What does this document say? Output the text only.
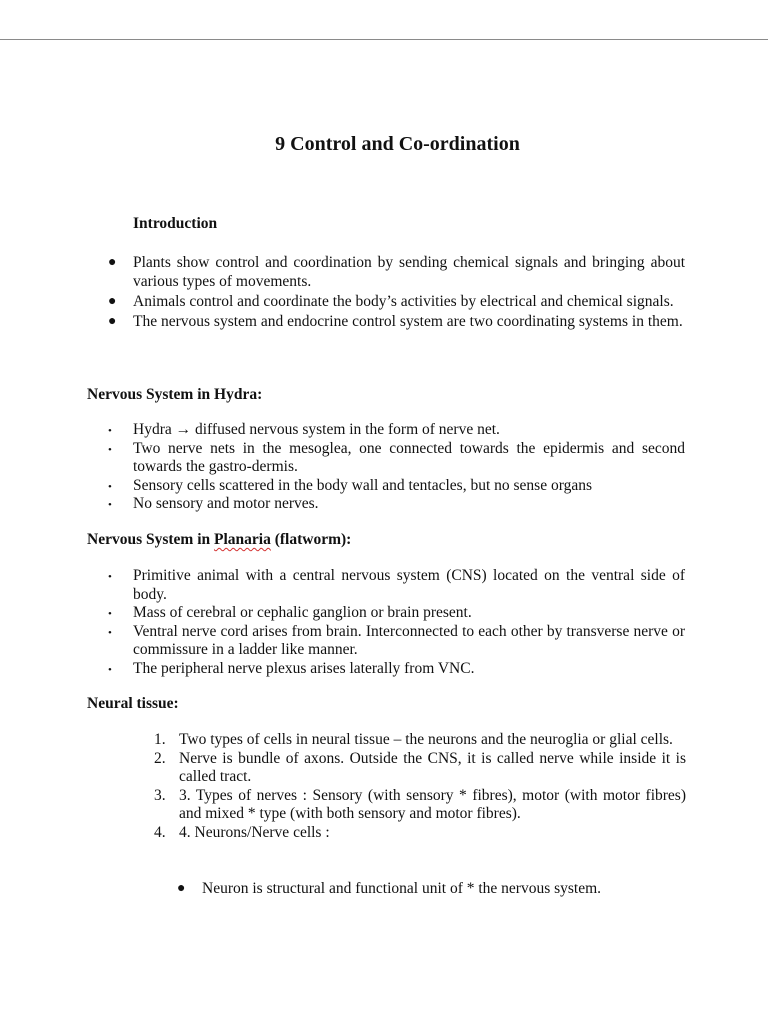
9 Control and Co-ordination
Introduction
● Plants show control and coordination by sending chemical signals and bringing about various types of movements.
● Animals control and coordinate the body’s activities by electrical and chemical signals.
● The nervous system and endocrine control system are two coordinating systems in them.
Nervous System in Hydra:
• Hydra → diffused nervous system in the form of nerve net.
• Two nerve nets in the mesoglea, one connected towards the epidermis and second towards the gastro-dermis.
• Sensory cells scattered in the body wall and tentacles, but no sense organs
• No sensory and motor nerves.
Nervous System in Planaria (flatworm):
• Primitive animal with a central nervous system (CNS) located on the ventral side of body.
• Mass of cerebral or cephalic ganglion or brain present.
• Ventral nerve cord arises from brain. Interconnected to each other by transverse nerve or commissure in a ladder like manner.
• The peripheral nerve plexus arises laterally from VNC.
Neural tissue:
1. Two types of cells in neural tissue – the neurons and the neuroglia or glial cells.
2. Nerve is bundle of axons. Outside the CNS, it is called nerve while inside it is called tract.
3. 3. Types of nerves : Sensory (with sensory * fibres), motor (with motor fibres) and mixed * type (with both sensory and motor fibres).
4. 4. Neurons/Nerve cells :
● Neuron is structural and functional unit of * the nervous system.
